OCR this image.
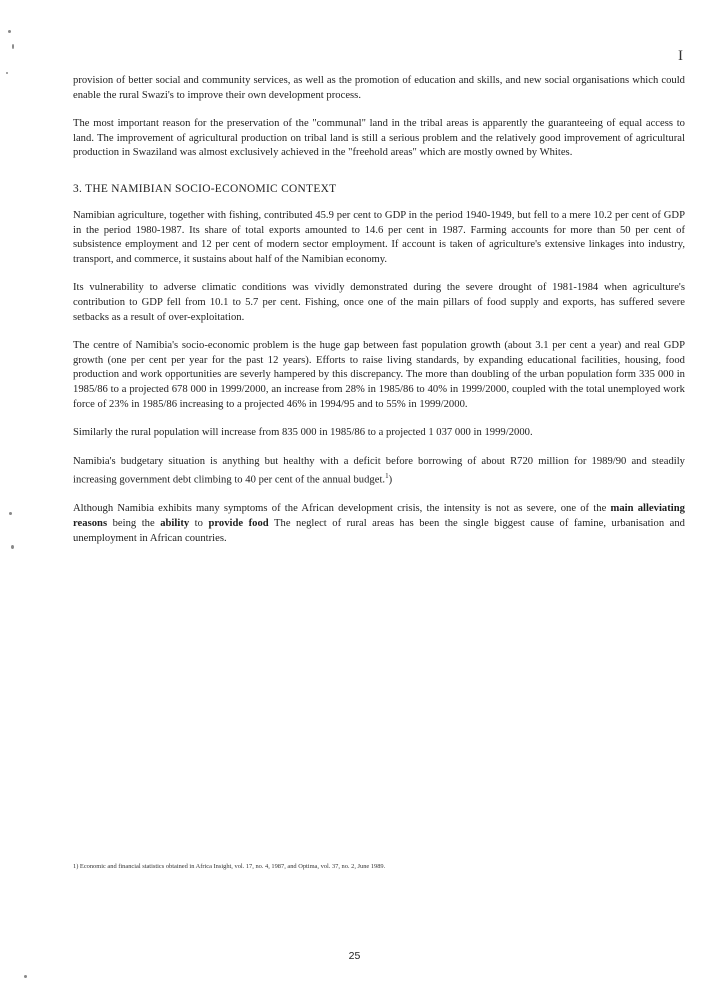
I

provision of better social and community services, as well as the promotion of education and skills, and new social organisations which could enable the rural Swazi's to improve their own development process.

The most important reason for the preservation of the "communal" land in the tribal areas is apparently the guaranteeing of equal access to land. The improvement of agricultural production on tribal land is still a serious problem and the relatively good improvement of agricultural production in Swaziland was almost exclusively achieved in the "freehold areas" which are mostly owned by Whites.

3. THE NAMIBIAN SOCIO-ECONOMIC CONTEXT

Namibian agriculture, together with fishing, contributed 45.9 per cent to GDP in the period 1940-1949, but fell to a mere 10.2 per cent of GDP in the period 1980-1987. Its share of total exports amounted to 14.6 per cent in 1987. Farming accounts for more than 50 per cent of subsistence employment and 12 per cent of modern sector employment. If account is taken of agriculture's extensive linkages into industry, transport, and commerce, it sustains about half of the Namibian economy.

Its vulnerability to adverse climatic conditions was vividly demonstrated during the severe drought of 1981-1984 when agriculture's contribution to GDP fell from 10.1 to 5.7 per cent. Fishing, once one of the main pillars of food supply and exports, has suffered severe setbacks as a result of over-exploitation.

The centre of Namibia's socio-economic problem is the huge gap between fast population growth (about 3.1 per cent a year) and real GDP growth (one per cent per year for the past 12 years). Efforts to raise living standards, by expanding educational facilities, housing, food production and work opportunities are severly hampered by this discrepancy. The more than doubling of the urban population form 335 000 in 1985/86 to a projected 678 000 in 1999/2000, an increase from 28% in 1985/86 to 40% in 1999/2000, coupled with the total unemployed work force of 23% in 1985/86 increasing to a projected 46% in 1994/95 and to 55% in 1999/2000.

Similarly the rural population will increase from 835 000 in 1985/86 to a projected 1 037 000 in 1999/2000.

Namibia's budgetary situation is anything but healthy with a deficit before borrowing of about R720 million for 1989/90 and steadily increasing government debt climbing to 40 per cent of the annual budget.$^1$)

Although Namibia exhibits many symptoms of the African development crisis, the intensity is not as severe, one of the main alleviating reasons being the ability to provide food The neglect of rural areas has been the single biggest cause of famine, urbanisation and unemployment in African countries.

1) Economic and financial statistics obtained in Africa Insight, vol. 17, no. 4, 1987, and Optima, vol. 37, no. 2, June 1989.
25
